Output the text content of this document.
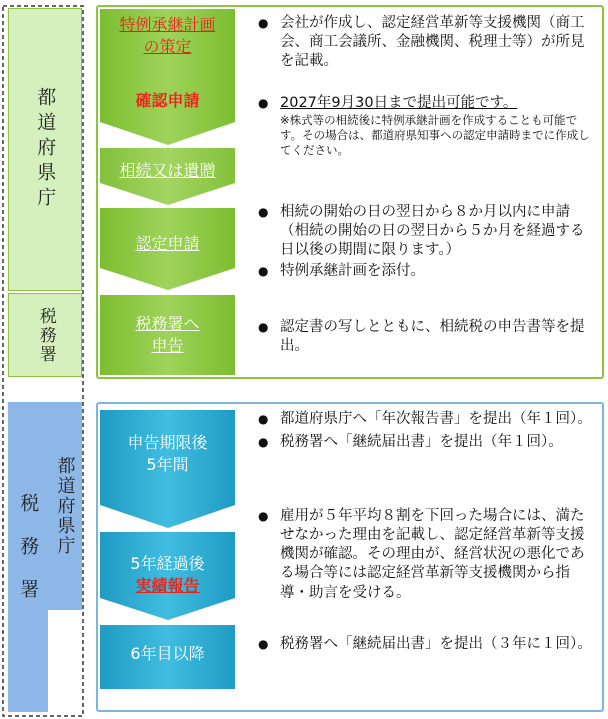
都道府県庁
税務署
税務署 都道府県庁
特例承継計画
の策定
確認申請
相続又は遺贈
認定申請
税務署へ
申告
申告期限後
5年間
5年経過後
実績報告
6年目以降
● 会社が作成し、認定経営革新等支援機関（商工会、商工会議所、金融機関、税理士等）が所見を記載。
● 2027年9月30日まで提出可能です。
※株式等の相続後に特例承継計画を作成することも可能です。その場合は、都道府県知事への認定申請時までに作成してください。
● 相続の開始の日の翌日から８か月以内に申請（相続の開始の日の翌日から５か月を経過する日以後の期間に限ります。）
● 特例承継計画を添付。
● 認定書の写しとともに、相続税の申告書等を提出。
● 都道府県庁へ「年次報告書」を提出（年１回）。
● 税務署へ「継続届出書」を提出（年１回）。
● 雇用が５年平均８割を下回った場合には、満たせなかった理由を記載し、認定経営革新等支援機関が確認。その理由が、経営状況の悪化である場合等には認定経営革新等支援機関から指導・助言を受ける。
● 税務署へ「継続届出書」を提出（３年に１回）。
